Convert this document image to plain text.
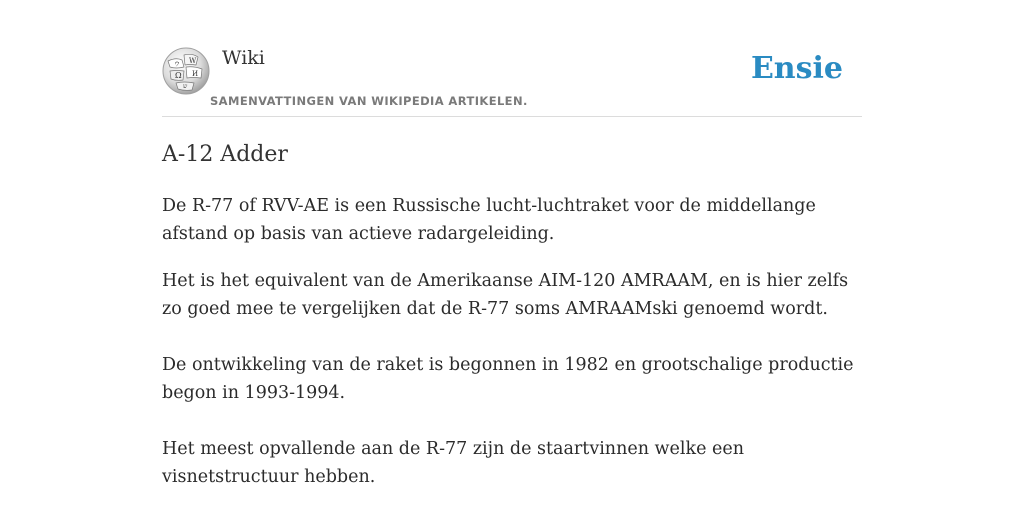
Ω
W
И
ウ
ש
Wiki
SAMENVATTINGEN VAN WIKIPEDIA ARTIKELEN.
Ensie
A-12 Adder

De R-77 of RVV-AE is een Russische lucht-luchtraket voor de middellange afstand op basis van actieve radargeleiding.

Het is het equivalent van de Amerikaanse AIM-120 AMRAAM, en is hier zelfs zo goed mee te vergelijken dat de R-77 soms AMRAAMski genoemd wordt.

De ontwikkeling van de raket is begonnen in 1982 en grootschalige productie begon in 1993-1994.

Het meest opvallende aan de R-77 zijn de staartvinnen welke een visnetstructuur hebben.
